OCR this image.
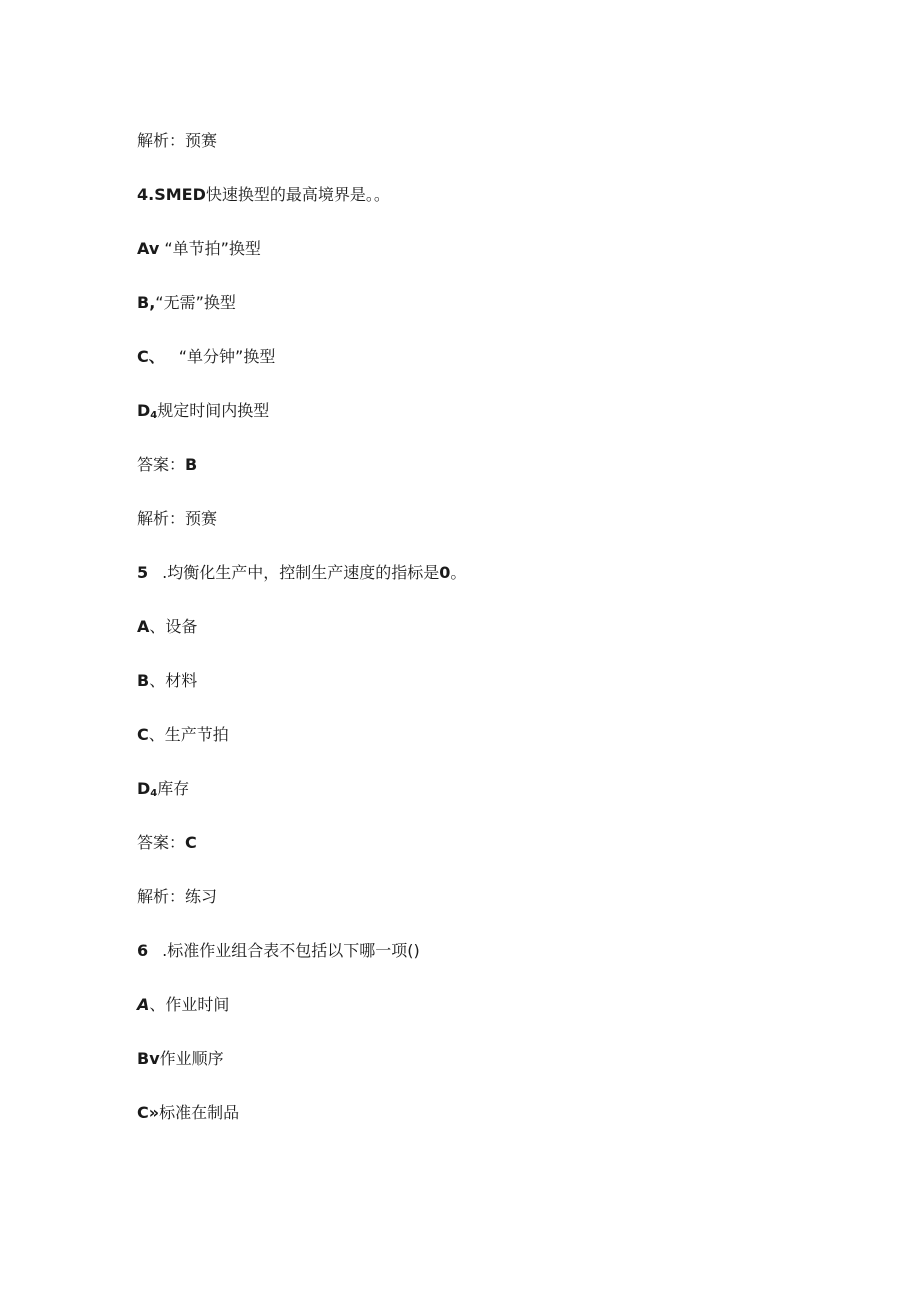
解析：预赛
4.SMED快速换型的最高境界是。。
Av “单节拍”换型
B,“无需”换型
C、 “单分钟”换型
$D_4$规定时间内换型
答案：B
解析：预赛
5 .均衡化生产中，控制生产速度的指标是0。
A、设备
B、材料
C、生产节拍
$D_4$库存
答案：C
解析：练习
6 .标准作业组合表不包括以下哪一项()
A、作业时间
Bv作业顺序
C»标准在制品
